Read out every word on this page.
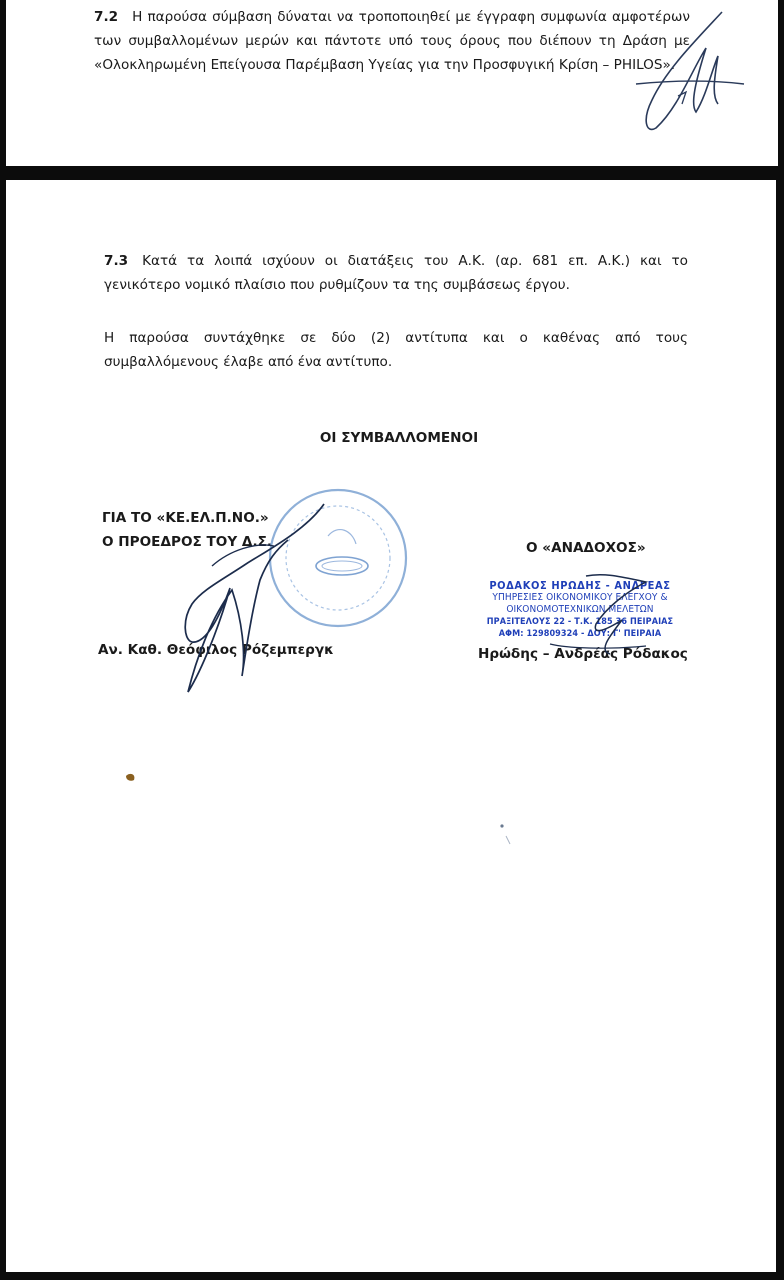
7.2 Η παρούσα σύμβαση δύναται να τροποποιηθεί με έγγραφη συμφωνία αμφοτέρων των συμβαλλομένων μερών και πάντοτε υπό τους όρους που διέπουν τη Δράση με «Ολοκληρωμένη Επείγουσα Παρέμβαση Υγείας για την Προσφυγική Κρίση – PHILOS».
7.3 Κατά τα λοιπά ισχύουν οι διατάξεις του Α.Κ. (αρ. 681 επ. Α.Κ.) και το γενικότερο νομικό πλαίσιο που ρυθμίζουν τα της συμβάσεως έργου.
Η παρούσα συντάχθηκε σε δύο (2) αντίτυπα και ο καθένας από τους συμβαλλόμενους έλαβε από ένα αντίτυπο.
ΟΙ ΣΥΜΒΑΛΛΟΜΕΝΟΙ
ΓΙΑ ΤΟ «ΚΕ.ΕΛ.Π.ΝΟ.»
Ο ΠΡΟΕΔΡΟΣ ΤΟΥ Δ.Σ.
Αν. Καθ. Θεόφιλος Ρόζεμπεργκ
Ο «ΑΝΑΔΟΧΟΣ»
ΡΟΔΑΚΟΣ ΗΡΩΔΗΣ - ΑΝΔΡΕΑΣ
ΥΠΗΡΕΣΙΕΣ ΟΙΚΟΝΟΜΙΚΟΥ ΕΛΕΓΧΟΥ &
ΟΙΚΟΝΟΜΟΤΕΧΝΙΚΩΝ ΜΕΛΕΤΩΝ
ΠΡΑΞΙΤΕΛΟΥΣ 22 - Τ.Κ. 185 36 ΠΕΙΡΑΙΑΣ
ΑΦΜ: 129809324 - ΔΟΥ: Γ' ΠΕΙΡΑΙΑ
Ηρώδης – Ανδρέας Ρόδακος
